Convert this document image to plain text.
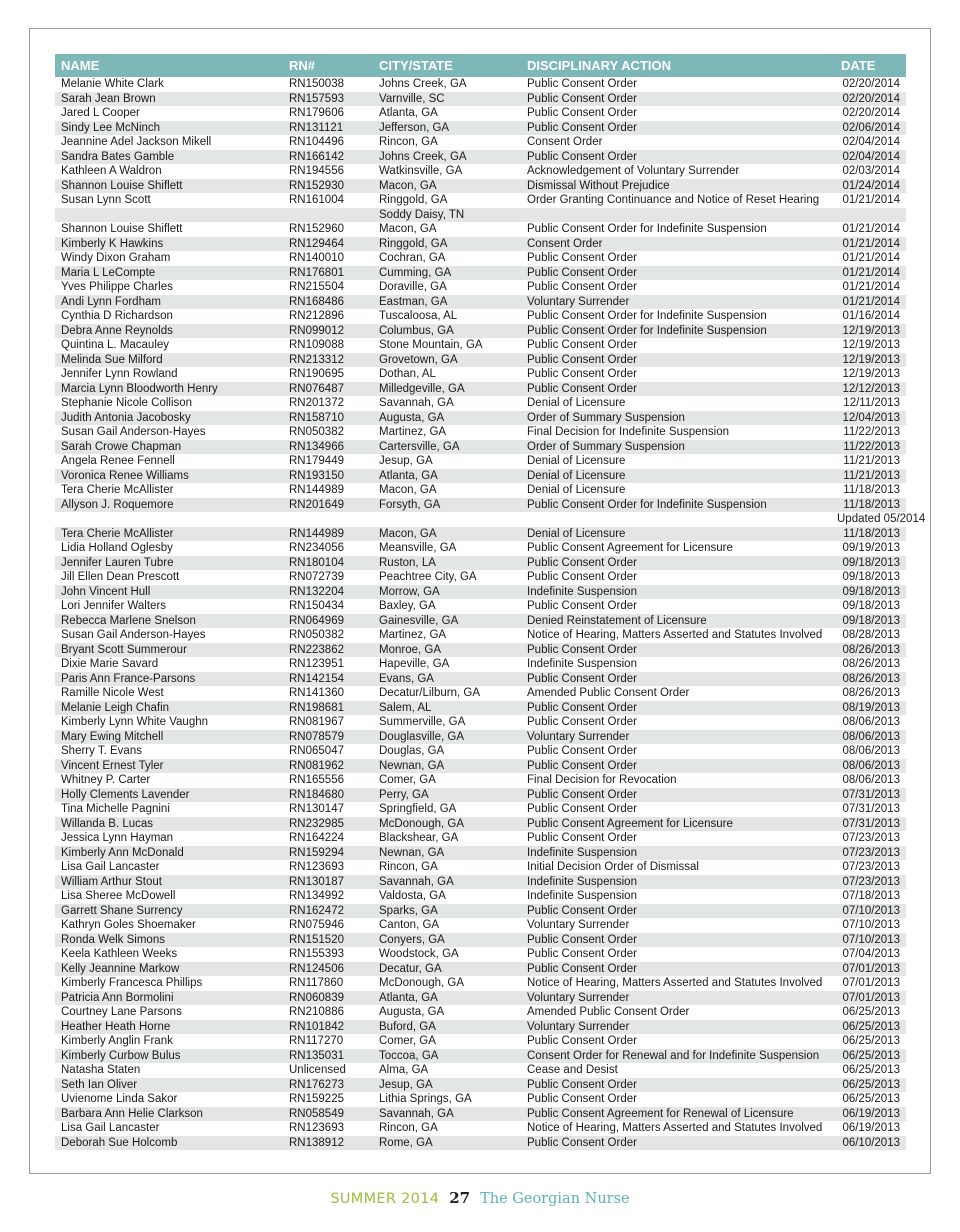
NAME	RN#	CITY/STATE	DISCIPLINARY ACTION	DATE
Melanie White Clark	RN150038	Johns Creek, GA	Public Consent Order	02/20/2014
Sarah Jean Brown	RN157593	Varnville, SC	Public Consent Order	02/20/2014
Jared L Cooper	RN179606	Atlanta, GA	Public Consent Order	02/20/2014
Sindy Lee McNinch	RN131121	Jefferson, GA	Public Consent Order	02/06/2014
Jeannine Adel Jackson Mikell	RN104496	Rincon, GA	Consent Order	02/04/2014
Sandra Bates Gamble	RN166142	Johns Creek, GA	Public Consent Order	02/04/2014
Kathleen A Waldron	RN194556	Watkinsville, GA	Acknowledgement of Voluntary Surrender	02/03/2014
Shannon Louise Shiflett	RN152930	Macon, GA	Dismissal Without Prejudice	01/24/2014
Susan Lynn Scott	RN161004	Ringgold, GA	Order Granting Continuance and Notice of Reset Hearing	01/21/2014
		Soddy Daisy, TN		
Shannon Louise Shiflett	RN152960	Macon, GA	Public Consent Order for Indefinite Suspension	01/21/2014
Kimberly K Hawkins	RN129464	Ringgold, GA	Consent Order	01/21/2014
Windy Dixon Graham	RN140010	Cochran, GA	Public Consent Order	01/21/2014
Maria L LeCompte	RN176801	Cumming, GA	Public Consent Order	01/21/2014
Yves Philippe Charles	RN215504	Doraville, GA	Public Consent Order	01/21/2014
Andi Lynn Fordham	RN168486	Eastman, GA	Voluntary Surrender	01/21/2014
Cynthia D Richardson	RN212896	Tuscaloosa, AL	Public Consent Order for Indefinite Suspension	01/16/2014
Debra Anne Reynolds	RN099012	Columbus, GA	Public Consent Order for Indefinite Suspension	12/19/2013
Quintina L. Macauley	RN109088	Stone Mountain, GA	Public Consent Order	12/19/2013
Melinda Sue Milford	RN213312	Grovetown, GA	Public Consent Order	12/19/2013
Jennifer Lynn Rowland	RN190695	Dothan, AL	Public Consent Order	12/19/2013
Marcia Lynn Bloodworth Henry	RN076487	Milledgeville, GA	Public Consent Order	12/12/2013
Stephanie Nicole Collison	RN201372	Savannah, GA	Denial of Licensure	12/11/2013
Judith Antonia Jacobosky	RN158710	Augusta, GA	Order of Summary Suspension	12/04/2013
Susan Gail Anderson-Hayes	RN050382	Martinez, GA	Final Decision for Indefinite Suspension	11/22/2013
Sarah Crowe Chapman	RN134966	Cartersville, GA	Order of Summary Suspension	11/22/2013
Angela Renee Fennell	RN179449	Jesup, GA	Denial of Licensure	11/21/2013
Voronica Renee Williams	RN193150	Atlanta, GA	Denial of Licensure	11/21/2013
Tera Cherie McAllister	RN144989	Macon, GA	Denial of Licensure	11/18/2013
Allyson J. Roquemore	RN201649	Forsyth, GA	Public Consent Order for Indefinite Suspension	11/18/2013
				Updated 05/2014
Tera Cherie McAllister	RN144989	Macon, GA	Denial of Licensure	11/18/2013
Lidia Holland Oglesby	RN234056	Meansville, GA	Public Consent Agreement for Licensure	09/19/2013
Jennifer Lauren Tubre	RN180104	Ruston, LA	Public Consent Order	09/18/2013
Jill Ellen Dean Prescott	RN072739	Peachtree City, GA	Public Consent Order	09/18/2013
John Vincent Hull	RN132204	Morrow, GA	Indefinite Suspension	09/18/2013
Lori Jennifer Walters	RN150434	Baxley, GA	Public Consent Order	09/18/2013
Rebecca Marlene Snelson	RN064969	Gainesville, GA	Denied Reinstatement of Licensure	09/18/2013
Susan Gail Anderson-Hayes	RN050382	Martinez, GA	Notice of Hearing, Matters Asserted and Statutes Involved	08/28/2013
Bryant Scott Summerour	RN223862	Monroe, GA	Public Consent Order	08/26/2013
Dixie Marie Savard	RN123951	Hapeville, GA	Indefinite Suspension	08/26/2013
Paris Ann France-Parsons	RN142154	Evans, GA	Public Consent Order	08/26/2013
Ramille Nicole West	RN141360	Decatur/Lilburn, GA	Amended Public Consent Order	08/26/2013
Melanie Leigh Chafin	RN198681	Salem, AL	Public Consent Order	08/19/2013
Kimberly Lynn White Vaughn	RN081967	Summerville, GA	Public Consent Order	08/06/2013
Mary Ewing Mitchell	RN078579	Douglasville, GA	Voluntary Surrender	08/06/2013
Sherry T. Evans	RN065047	Douglas, GA	Public Consent Order	08/06/2013
Vincent Ernest Tyler	RN081962	Newnan, GA	Public Consent Order	08/06/2013
Whitney P. Carter	RN165556	Comer, GA	Final Decision for Revocation	08/06/2013
Holly Clements Lavender	RN184680	Perry, GA	Public Consent Order	07/31/2013
Tina Michelle Pagnini	RN130147	Springfield, GA	Public Consent Order	07/31/2013
Willanda B. Lucas	RN232985	McDonough, GA	Public Consent Agreement for Licensure	07/31/2013
Jessica Lynn Hayman	RN164224	Blackshear, GA	Public Consent Order	07/23/2013
Kimberly Ann McDonald	RN159294	Newnan, GA	Indefinite Suspension	07/23/2013
Lisa Gail Lancaster	RN123693	Rincon, GA	Initial Decision Order of Dismissal	07/23/2013
William Arthur Stout	RN130187	Savannah, GA	Indefinite Suspension	07/23/2013
Lisa Sheree McDowell	RN134992	Valdosta, GA	Indefinite Suspension	07/18/2013
Garrett Shane Surrency	RN162472	Sparks, GA	Public Consent Order	07/10/2013
Kathryn Goles Shoemaker	RN075946	Canton, GA	Voluntary Surrender	07/10/2013
Ronda Welk Simons	RN151520	Conyers, GA	Public Consent Order	07/10/2013
Keela Kathleen Weeks	RN155393	Woodstock, GA	Public Consent Order	07/04/2013
Kelly Jeannine Markow	RN124506	Decatur, GA	Public Consent Order	07/01/2013
Kimberly Francesca Phillips	RN117860	McDonough, GA	Notice of Hearing, Matters Asserted and Statutes Involved	07/01/2013
Patricia Ann Bormolini	RN060839	Atlanta, GA	Voluntary Surrender	07/01/2013
Courtney Lane Parsons	RN210886	Augusta, GA	Amended Public Consent Order	06/25/2013
Heather Heath Horne	RN101842	Buford, GA	Voluntary Surrender	06/25/2013
Kimberly Anglin Frank	RN117270	Comer, GA	Public Consent Order	06/25/2013
Kimberly Curbow Bulus	RN135031	Toccoa, GA	Consent Order for Renewal and for Indefinite Suspension	06/25/2013
Natasha Staten	Unlicensed	Alma, GA	Cease and Desist	06/25/2013
Seth Ian Oliver	RN176273	Jesup, GA	Public Consent Order	06/25/2013
Uvienome Linda Sakor	RN159225	Lithia Springs, GA	Public Consent Order	06/25/2013
Barbara Ann Helie Clarkson	RN058549	Savannah, GA	Public Consent Agreement for Renewal of Licensure	06/19/2013
Lisa Gail Lancaster	RN123693	Rincon, GA	Notice of Hearing, Matters Asserted and Statutes Involved	06/19/2013
Deborah Sue Holcomb	RN138912	Rome, GA	Public Consent Order	06/10/2013
SUMMER 2014 27 The Georgian Nurse
